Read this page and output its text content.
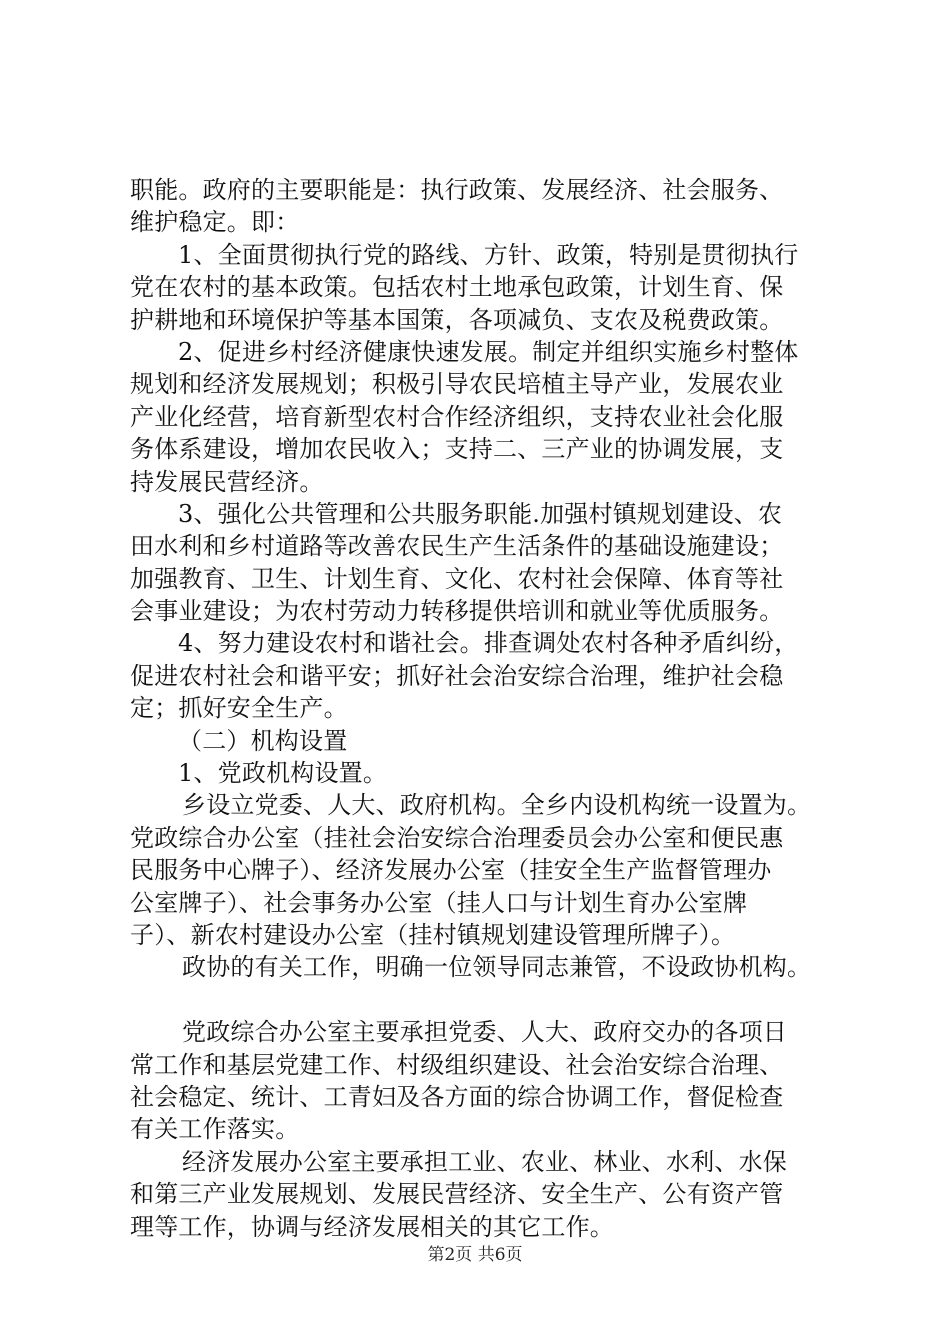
职能。政府的主要职能是：执行政策、发展经济、社会服务、
维护稳定。即：
1、全面贯彻执行党的路线、方针、政策，特别是贯彻执行
党在农村的基本政策。包括农村土地承包政策，计划生育、保
护耕地和环境保护等基本国策，各项减负、支农及税费政策。
2、促进乡村经济健康快速发展。制定并组织实施乡村整体
规划和经济发展规划；积极引导农民培植主导产业，发展农业
产业化经营，培育新型农村合作经济组织，支持农业社会化服
务体系建设，增加农民收入；支持二、三产业的协调发展，支
持发展民营经济。
3、强化公共管理和公共服务职能.加强村镇规划建设、农
田水利和乡村道路等改善农民生产生活条件的基础设施建设；
加强教育、卫生、计划生育、文化、农村社会保障、体育等社
会事业建设；为农村劳动力转移提供培训和就业等优质服务。
4、努力建设农村和谐社会。排查调处农村各种矛盾纠纷，
促进农村社会和谐平安；抓好社会治安综合治理，维护社会稳
定；抓好安全生产。
（二）机构设置
1、党政机构设置。
乡设立党委、人大、政府机构。全乡内设机构统一设置为。
党政综合办公室（挂社会治安综合治理委员会办公室和便民惠
民服务中心牌子）、经济发展办公室（挂安全生产监督管理办
公室牌子）、社会事务办公室（挂人口与计划生育办公室牌
子）、新农村建设办公室（挂村镇规划建设管理所牌子）。
政协的有关工作，明确一位领导同志兼管，不设政协机构。
党政综合办公室主要承担党委、人大、政府交办的各项日
常工作和基层党建工作、村级组织建设、社会治安综合治理、
社会稳定、统计、工青妇及各方面的综合协调工作，督促检查
有关工作落实。
经济发展办公室主要承担工业、农业、林业、水利、水保
和第三产业发展规划、发展民营经济、安全生产、公有资产管
理等工作，协调与经济发展相关的其它工作。
第2页 共6页
